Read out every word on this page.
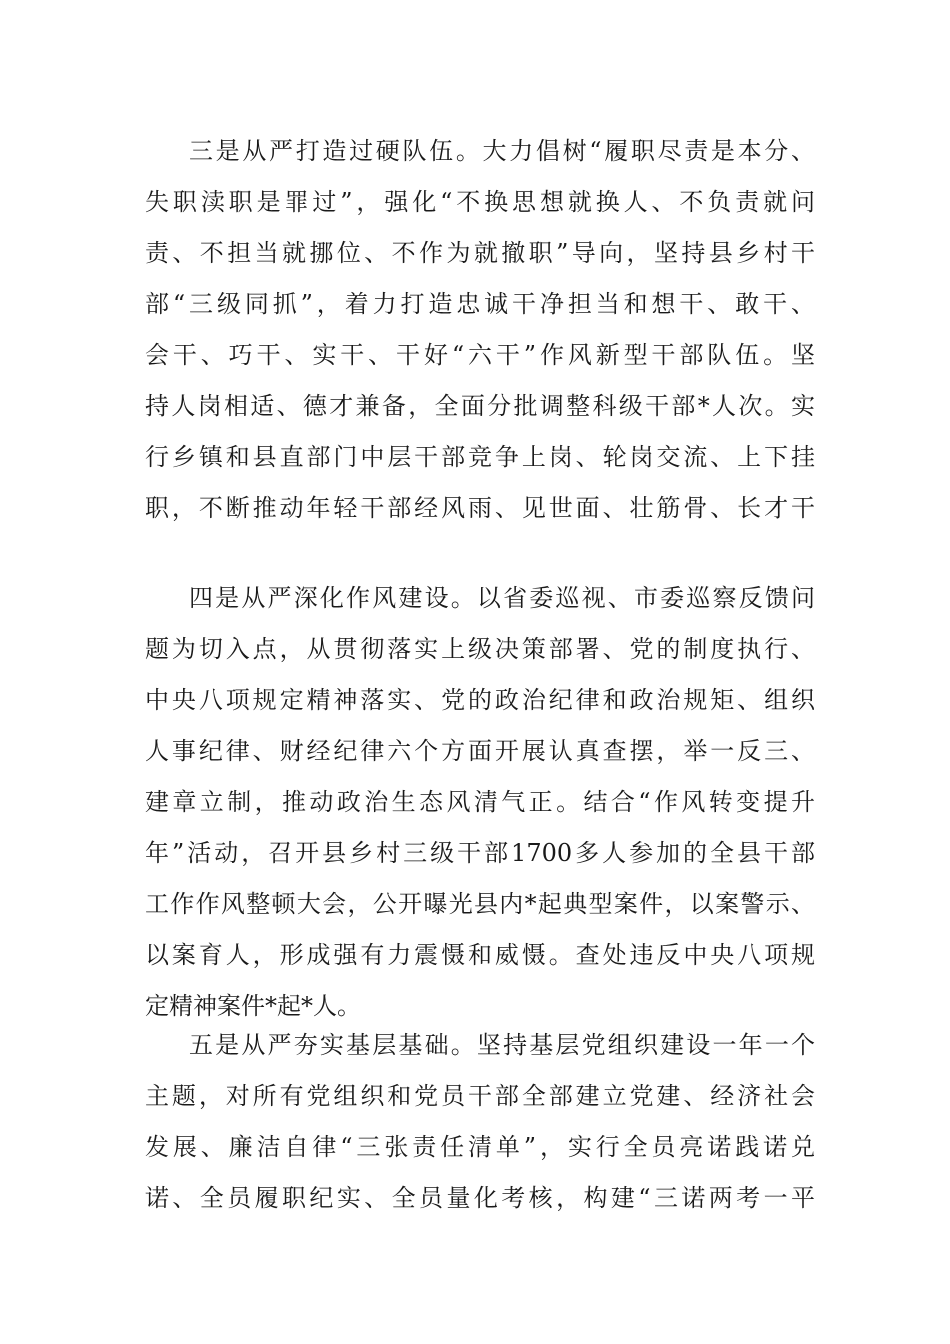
三是从严打造过硬队伍。大力倡树“履职尽责是本分、
失职渎职是罪过”，强化“不换思想就换人、不负责就问
责、不担当就挪位、不作为就撤职”导向，坚持县乡村干
部“三级同抓”，着力打造忠诚干净担当和想干、敢干、
会干、巧干、实干、干好“六干”作风新型干部队伍。坚
持人岗相适、德才兼备，全面分批调整科级干部*人次。实
行乡镇和县直部门中层干部竞争上岗、轮岗交流、上下挂
职，不断推动年轻干部经风雨、见世面、壮筋骨、长才干
四是从严深化作风建设。以省委巡视、市委巡察反馈问
题为切入点，从贯彻落实上级决策部署、党的制度执行、
中央八项规定精神落实、党的政治纪律和政治规矩、组织
人事纪律、财经纪律六个方面开展认真查摆，举一反三、
建章立制，推动政治生态风清气正。结合“作风转变提升
年”活动，召开县乡村三级干部1700多人参加的全县干部
工作作风整顿大会，公开曝光县内*起典型案件，以案警示、
以案育人，形成强有力震慑和威慑。查处违反中央八项规
定精神案件*起*人。
五是从严夯实基层基础。坚持基层党组织建设一年一个
主题，对所有党组织和党员干部全部建立党建、经济社会
发展、廉洁自律“三张责任清单”，实行全员亮诺践诺兑
诺、全员履职纪实、全员量化考核，构建“三诺两考一平
